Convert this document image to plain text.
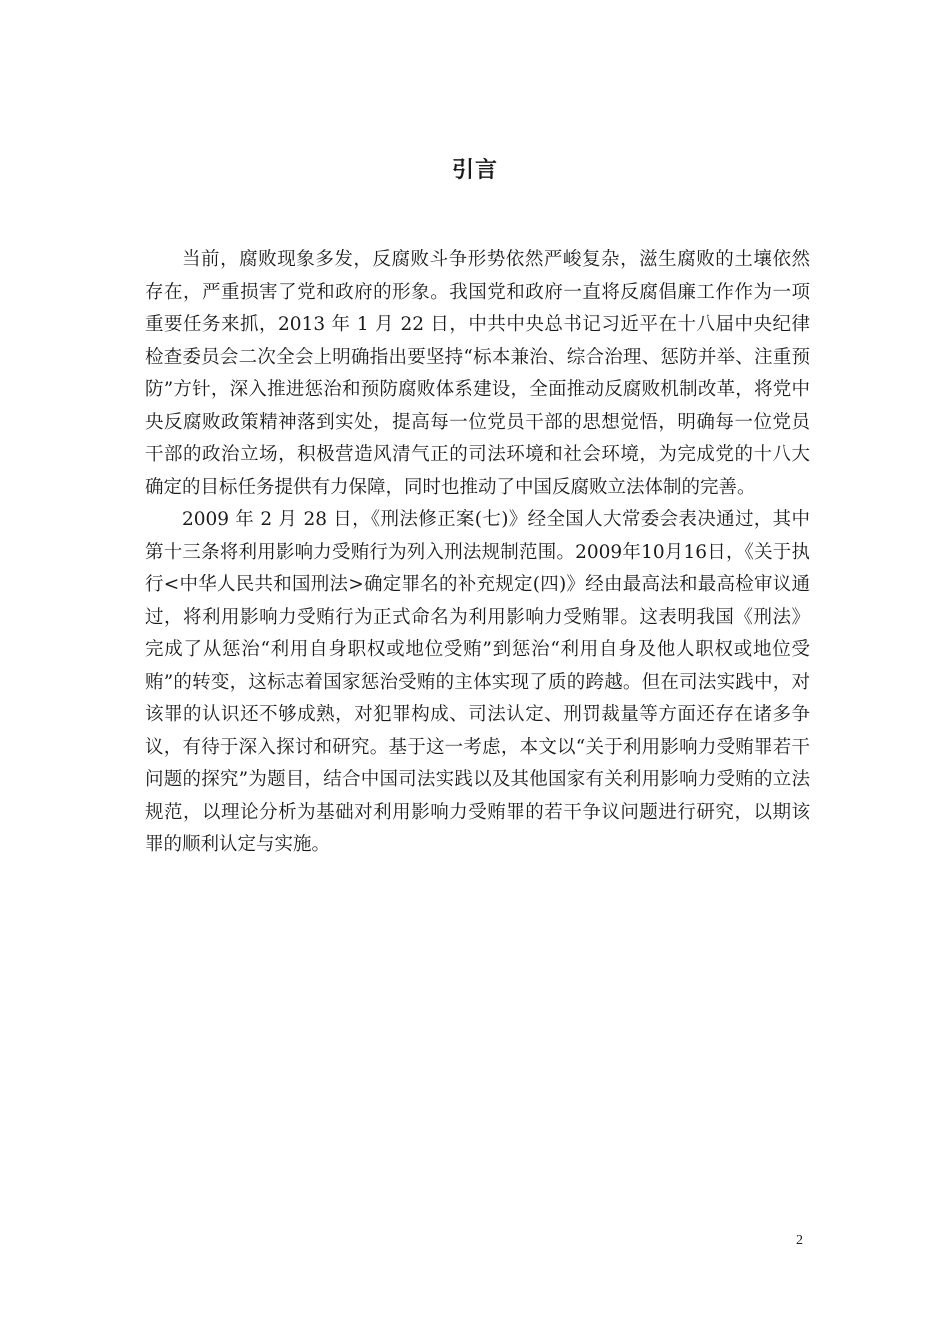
引言

当前，腐败现象多发，反腐败斗争形势依然严峻复杂，滋生腐败的土壤依然存在，严重损害了党和政府的形象。我国党和政府一直将反腐倡廉工作作为一项重要任务来抓，2013 年 1 月 22 日，中共中央总书记习近平在十八届中央纪律检查委员会二次全会上明确指出要坚持“标本兼治、综合治理、惩防并举、注重预防”方针，深入推进惩治和预防腐败体系建设，全面推动反腐败机制改革，将党中央反腐败政策精神落到实处，提高每一位党员干部的思想觉悟，明确每一位党员干部的政治立场，积极营造风清气正的司法环境和社会环境，为完成党的十八大确定的目标任务提供有力保障，同时也推动了中国反腐败立法体制的完善。

2009 年 2 月 28 日，《刑法修正案(七)》经全国人大常委会表决通过，其中第十三条将利用影响力受贿行为列入刑法规制范围。2009年10月16日，《关于执行<中华人民共和国刑法>确定罪名的补充规定(四)》经由最高法和最高检审议通过，将利用影响力受贿行为正式命名为利用影响力受贿罪。这表明我国《刑法》完成了从惩治“利用自身职权或地位受贿”到惩治“利用自身及他人职权或地位受贿”的转变，这标志着国家惩治受贿的主体实现了质的跨越。但在司法实践中，对该罪的认识还不够成熟，对犯罪构成、司法认定、刑罚裁量等方面还存在诸多争议，有待于深入探讨和研究。基于这一考虑，本文以“关于利用影响力受贿罪若干问题的探究”为题目，结合中国司法实践以及其他国家有关利用影响力受贿的立法规范，以理论分析为基础对利用影响力受贿罪的若干争议问题进行研究，以期该罪的顺利认定与实施。

2
